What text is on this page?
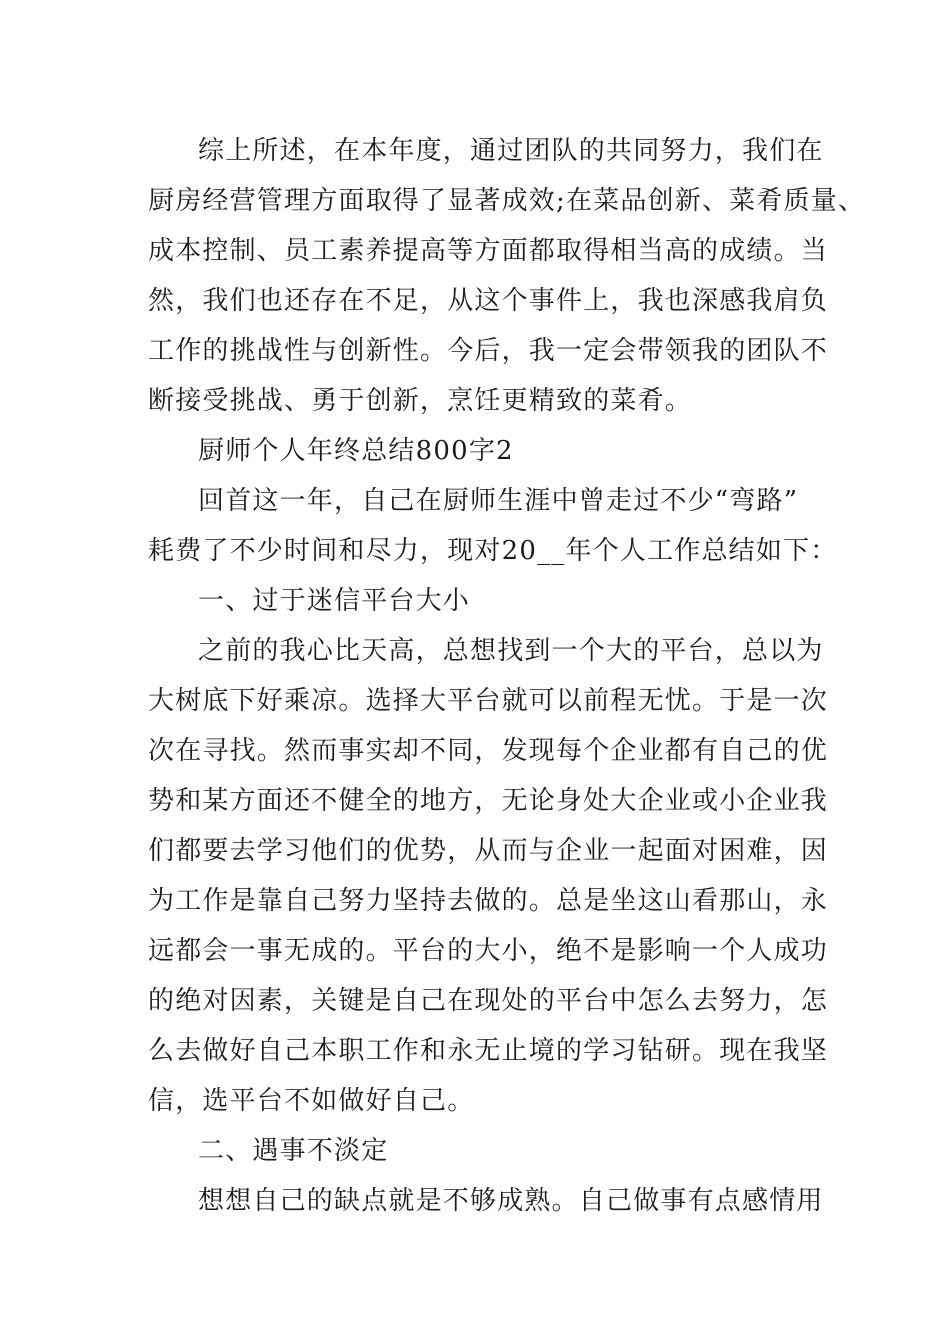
综上所述，在本年度，通过团队的共同努力，我们在
厨房经营管理方面取得了显著成效;在菜品创新、菜肴质量、
成本控制、员工素养提高等方面都取得相当高的成绩。当
然，我们也还存在不足，从这个事件上，我也深感我肩负
工作的挑战性与创新性。今后，我一定会带领我的团队不
断接受挑战、勇于创新，烹饪更精致的菜肴。
厨师个人年终总结800字2
回首这一年，自己在厨师生涯中曾走过不少“弯路”
耗费了不少时间和尽力，现对20__年个人工作总结如下：
一、过于迷信平台大小
之前的我心比天高，总想找到一个大的平台，总以为
大树底下好乘凉。选择大平台就可以前程无忧。于是一次
次在寻找。然而事实却不同，发现每个企业都有自己的优
势和某方面还不健全的地方，无论身处大企业或小企业我
们都要去学习他们的优势，从而与企业一起面对困难，因
为工作是靠自己努力坚持去做的。总是坐这山看那山，永
远都会一事无成的。平台的大小，绝不是影响一个人成功
的绝对因素，关键是自己在现处的平台中怎么去努力，怎
么去做好自己本职工作和永无止境的学习钻研。现在我坚
信，选平台不如做好自己。
二、遇事不淡定
想想自己的缺点就是不够成熟。自己做事有点感情用
